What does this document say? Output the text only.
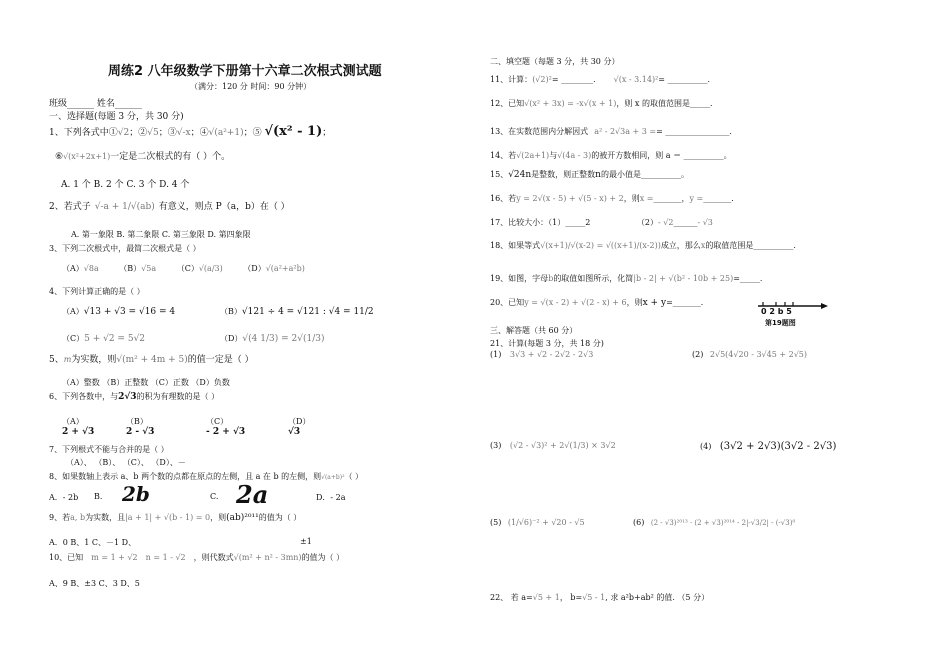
周练2 八年级数学下册第十六章二次根式测试题
（满分：120 分 时间：90 分钟）
班级______ 姓名______
一、选择题(每题 3 分，共 30 分)
1、下列各式中①√2；②√5；③√-x；④√(a²+1)；⑤ √(x² - 1)；
⑥√(x²+2x+1)一定是二次根式的有（ ）个。
A. 1 个 B. 2 个 C. 3 个 D. 4 个
2、若式子 √-a + 1/√(ab) 有意义，则点 P（a，b）在（ ）
A. 第一象限 B. 第二象限 C. 第三象限 D. 第四象限
3、下列二次根式中，最简二次根式是（ ）
（A）√8a	（B）√5a	（C）√(a/3)	（D）√(a²+a²b)
4、下列计算正确的是（ ）
（A）√13 + √3 = √16 = 4	（B）√121 ÷ 4 = √121 : √4 = 11/2
（C）5 + √2 = 5√2	（D）√(4 1/3) = 2√(1/3)
5、m为实数，则√(m² + 4m + 5)的值一定是（ ）
（A）整数 （B）正整数 （C）正数 （D）负数
6、下列各数中，与2√3的积为有理数的是（ ）
（A）
2 + √3
（B）
2 - √3
（C）
- 2 + √3
（D）
√3
7、下列根式不能与合并的是（ ）
（A）、 （B）、 （C）、 （D）、－
8、如果数轴上表示 a、b 两个数的点都在原点的左侧，且 a 在 b 的左侧，则√(a+b)²（ ）
A．- 2b B. 2b	C. 2a	D．- 2a
9、若a, b为实数，且|a + 1| + √(b - 1) = 0，则(ab)²⁰¹¹的值为（ ）
A．0 B、1 C、－1 D、	±1
10、已知 m = 1 + √2 n = 1 - √2 ，则代数式√(m² + n² - 3mn)的值为（ ）
A、9 B、±3 C、3 D、5
二、填空题（每题 3 分，共 30 分）
11、计算：(√2)²= ________． √(x - 3.14)²= __________．
12、已知√(x² + 3x) = -x√(x + 1)，则 x 的取值范围是_____．
13、在实数范围内分解因式 a² - 2√3a + 3 == ________________．
14、若√(2a+1)与√(4a - 3)的被开方数相同，则 a ＝ __________。
15、√24n是整数，则正整数n的最小值是__________。
16、若y = 2√(x - 5) + √(5 - x) + 2，则x =_______，y =_______．
17、比较大小：（1）_____2	（2）- √2______- √3
18、如果等式√(x+1)/√(x-2) = √((x+1)/(x-2))成立，那么x的取值范围是__________．
19、如图，字母b的取值如图所示，化简|b - 2| + √(b² - 10b + 25)=_____.
20、已知y = √(x - 2) + √(2 - x) + 6，则x + y=_______．
0 2 b 5
第19题图
三、解答题（共 60 分）
21、计算(每题 3 分，共 18 分)
(1) 3√3 + √2 - 2√2 - 2√3	(2) 2√5(4√20 - 3√45 + 2√5)
(3) (√2 - √3)² + 2√(1/3) × 3√2	(4) (3√2 + 2√3)(3√2 - 2√3)
(5) (1/√6)⁻² + √20 - √5	(6) (2 - √3)²⁰¹³ · (2 + √3)²⁰¹⁴ - 2|-√3/2| - (-√3)⁰
22、 若 a=√5 + 1， b=√5 - 1, 求 a²b+ab² 的值. （5 分）
